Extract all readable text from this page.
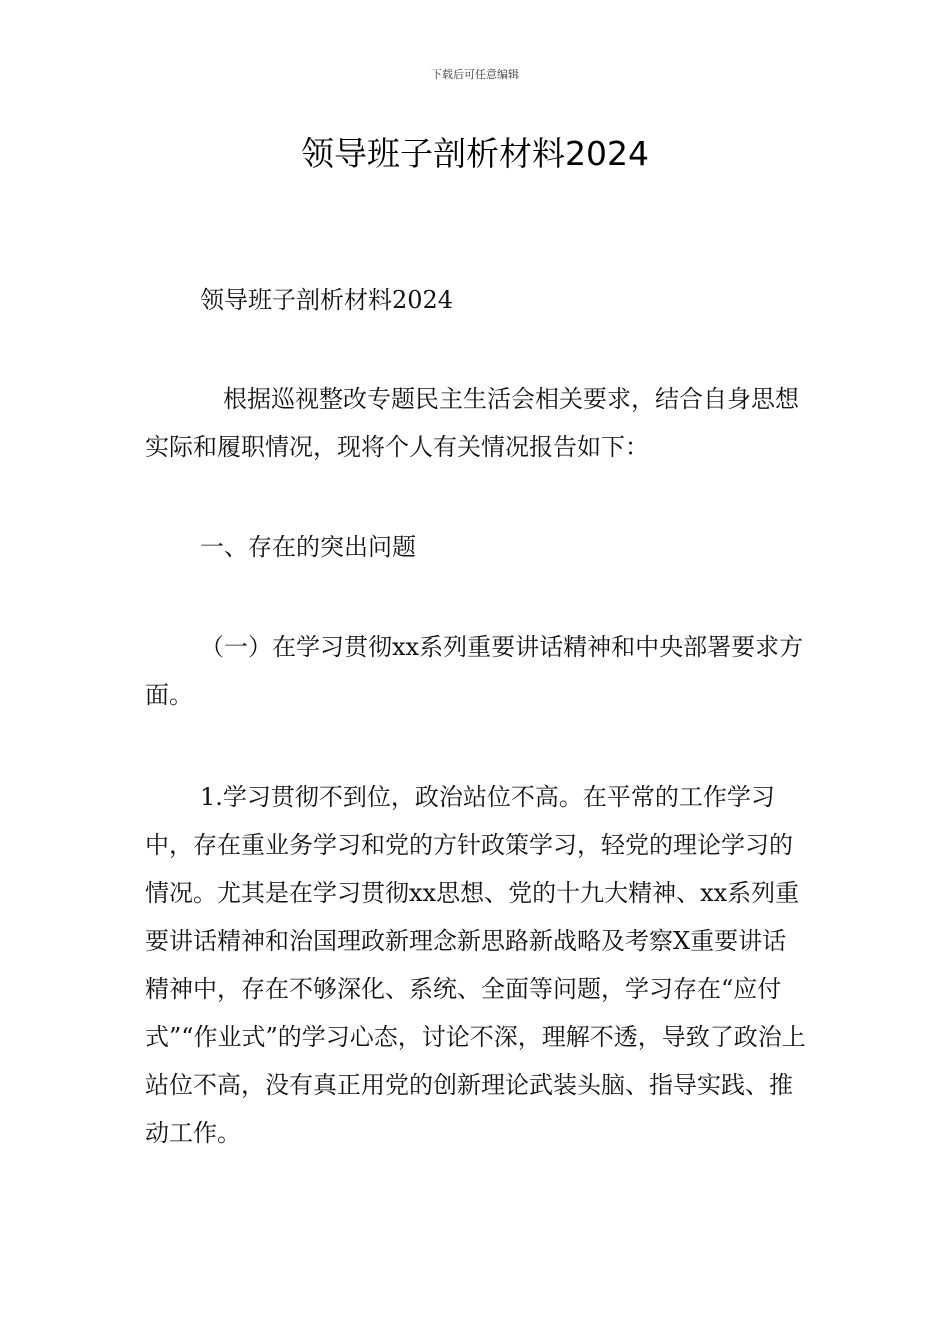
下载后可任意编辑
领导班子剖析材料2024

领导班子剖析材料2024

根据巡视整改专题民主生活会相关要求，结合自身思想实际和履职情况，现将个人有关情况报告如下：

一、存在的突出问题

（一）在学习贯彻xx系列重要讲话精神和中央部署要求方面。

1.学习贯彻不到位，政治站位不高。在平常的工作学习中，存在重业务学习和党的方针政策学习，轻党的理论学习的情况。尤其是在学习贯彻xx思想、党的十九大精神、xx系列重要讲话精神和治国理政新理念新思路新战略及考察X重要讲话精神中，存在不够深化、系统、全面等问题，学习存在“应付式”“作业式”的学习心态，讨论不深，理解不透，导致了政治上站位不高，没有真正用党的创新理论武装头脑、指导实践、推动工作。
